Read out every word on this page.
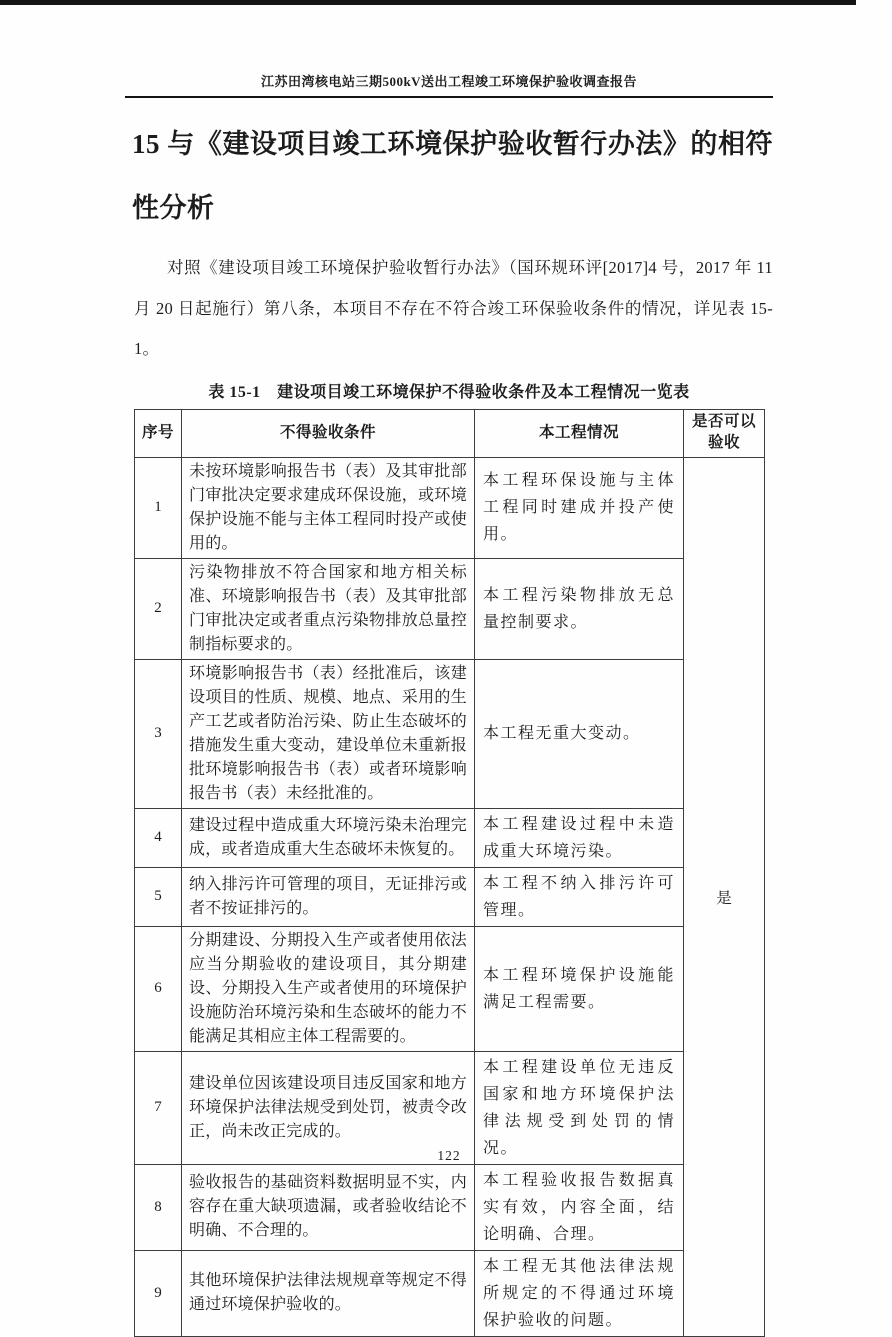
江苏田湾核电站三期500kV送出工程竣工环境保护验收调查报告
15 与《建设项目竣工环境保护验收暂行办法》的相符性分析

对照《建设项目竣工环境保护验收暂行办法》（国环规环评[2017]4 号，2017 年 11 月 20 日起施行）第八条，本项目不存在不符合竣工环保验收条件的情况，详见表 15-1。

表 15-1　建设项目竣工环境保护不得验收条件及本工程情况一览表
序号	不得验收条件	本工程情况	是否可以验收
1	未按环境影响报告书（表）及其审批部门审批决定要求建成环保设施，或环境保护设施不能与主体工程同时投产或使用的。	本工程环保设施与主体工程同时建成并投产使用。	是
2	污染物排放不符合国家和地方相关标准、环境影响报告书（表）及其审批部门审批决定或者重点污染物排放总量控制指标要求的。	本工程污染物排放无总量控制要求。	
3	环境影响报告书（表）经批准后，该建设项目的性质、规模、地点、采用的生产工艺或者防治污染、防止生态破坏的措施发生重大变动，建设单位未重新报批环境影响报告书（表）或者环境影响报告书（表）未经批准的。	本工程无重大变动。	
4	建设过程中造成重大环境污染未治理完成，或者造成重大生态破坏未恢复的。	本工程建设过程中未造成重大环境污染。	
5	纳入排污许可管理的项目，无证排污或者不按证排污的。	本工程不纳入排污许可管理。	
6	分期建设、分期投入生产或者使用依法应当分期验收的建设项目，其分期建设、分期投入生产或者使用的环境保护设施防治环境污染和生态破坏的能力不能满足其相应主体工程需要的。	本工程环境保护设施能满足工程需要。	
7	建设单位因该建设项目违反国家和地方环境保护法律法规受到处罚，被责令改正，尚未改正完成的。	本工程建设单位无违反国家和地方环境保护法律法规受到处罚的情况。	
8	验收报告的基础资料数据明显不实，内容存在重大缺项遗漏，或者验收结论不明确、不合理的。	本工程验收报告数据真实有效，内容全面，结论明确、合理。	
9	其他环境保护法律法规规章等规定不得通过环境保护验收的。	本工程无其他法律法规所规定的不得通过环境保护验收的问题。	
122
